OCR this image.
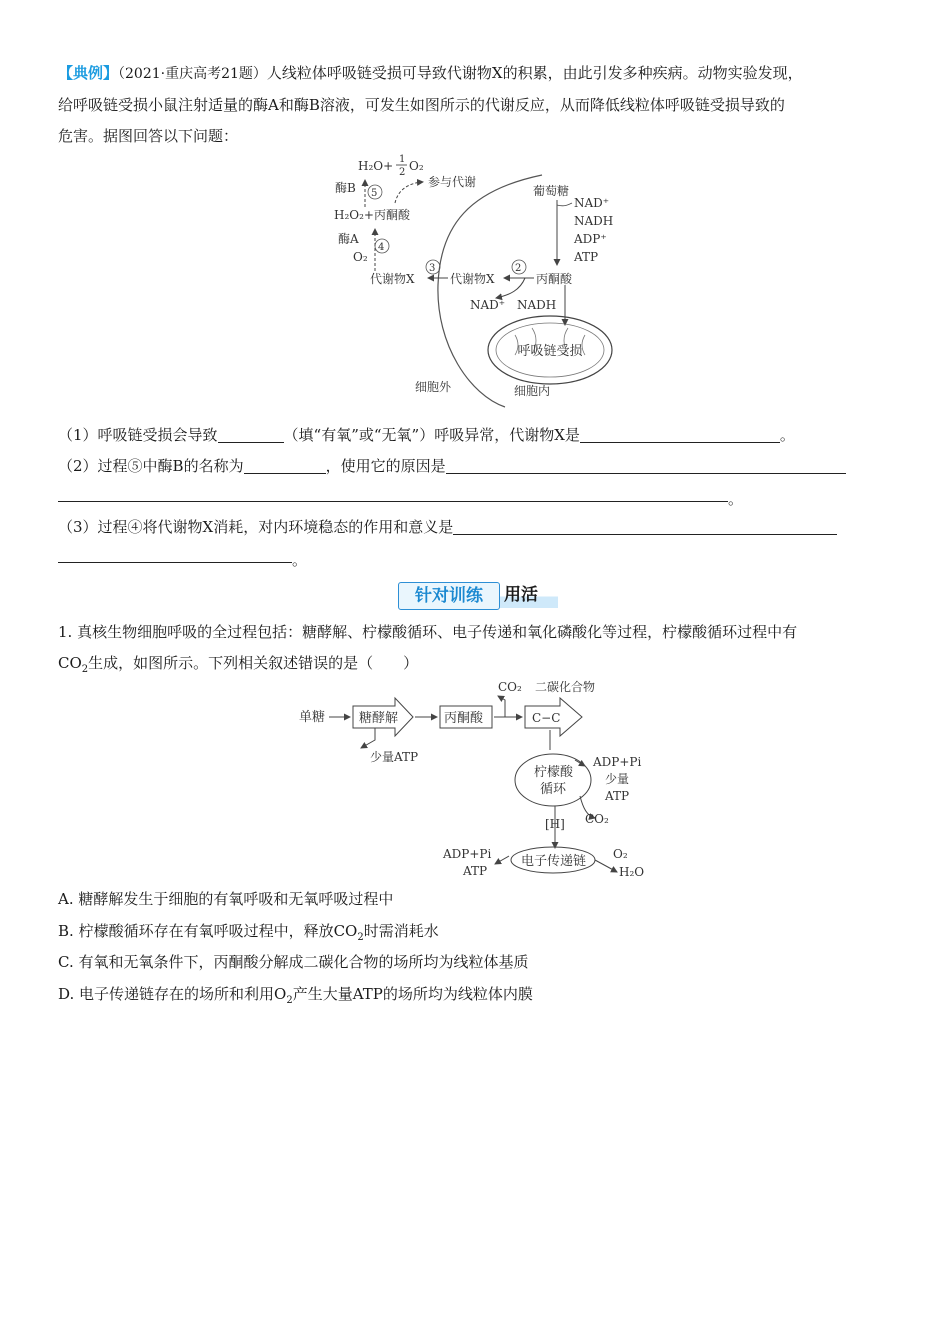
【典例】（2021·重庆高考21题）人线粒体呼吸链受损可导致代谢物X的积累，由此引发多种疾病。动物实验发现，
给呼吸链受损小鼠注射适量的酶A和酶B溶液，可发生如图所示的代谢反应，从而降低线粒体呼吸链受损导致的
危害。据图回答以下问题：
呼吸链受损
H₂O+ 1
2 O₂
酶B 5
参与代谢
H₂O₂+丙酮酸
酶A
4
O₂
代谢物X
3
代谢物X
2
丙酮酸
NAD⁺ NADH
葡萄糖
NAD⁺
NADH
ADP⁺
ATP
细胞外	细胞内
（1）呼吸链受损会导致	（填“有氧”或“无氧”）呼吸异常，代谢物X是	。
（2）过程⑤中酶B的名称为	，使用它的原因是
。
（3）过程④将代谢物X消耗，对内环境稳态的作用和意义是
。
针对训练	用活
1. 真核生物细胞呼吸的全过程包括：糖酵解、柠檬酸循环、电子传递和氧化磷酸化等过程，柠檬酸循环过程中有
$CO_2$生成，如图所示。下列相关叙述错误的是（　　）
单糖	糖酵解
少量ATP
丙酮酸
CO₂ 二碳化合物
C−C
柠檬酸
循环
ADP+Pi
少量
ATP
CO₂
[H]
电子传递链
ADP+Pi
ATP
O₂
H₂O
A. 糖酵解发生于细胞的有氧呼吸和无氧呼吸过程中
B. 柠檬酸循环存在有氧呼吸过程中，释放$CO_2$时需消耗水
C. 有氧和无氧条件下，丙酮酸分解成二碳化合物的场所均为线粒体基质
D. 电子传递链存在的场所和利用$O_2$产生大量ATP的场所均为线粒体内膜
